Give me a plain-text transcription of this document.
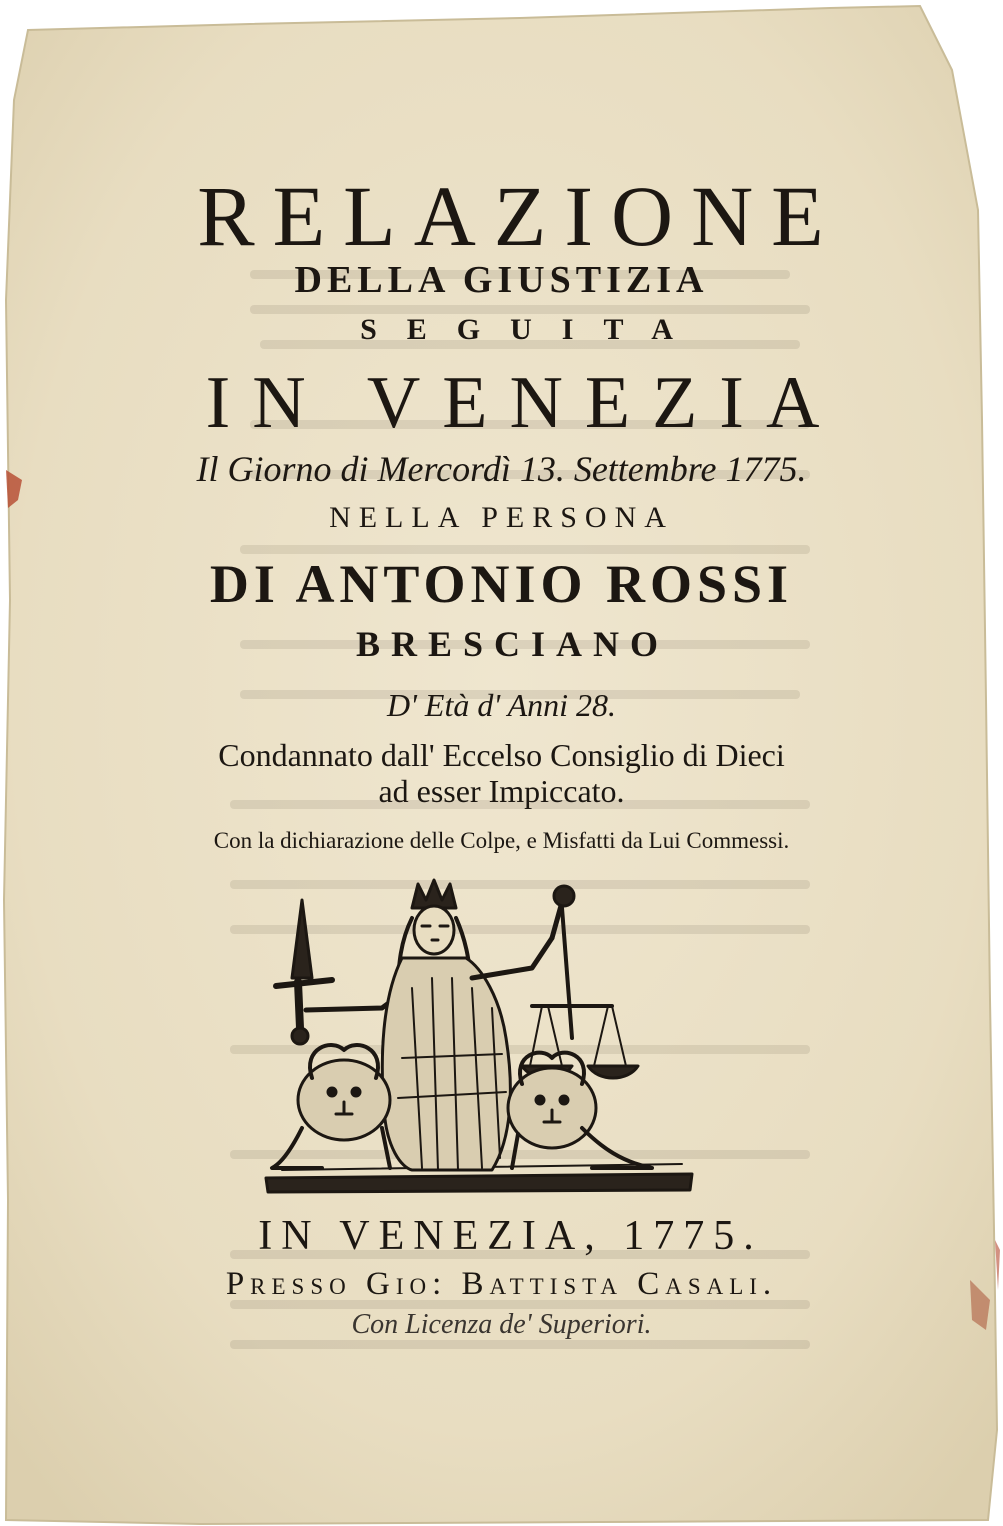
RELAZIONE
DELLA GIUSTIZIA
SEGUITA
IN VENEZIA
Il Giorno di Mercordì 13. Settembre 1775.
NELLA PERSONA
DI ANTONIO ROSSI
BRESCIANO
D' Età d' Anni 28.
Condannato dall' Eccelso Consiglio di Dieci
ad esser Impiccato.
Con la dichiarazione delle Colpe, e Misfatti da Lui Commessi.
IN VENEZIA, 1775.
Presso Gio: Battista Casali.
Con Licenza de' Superiori.
